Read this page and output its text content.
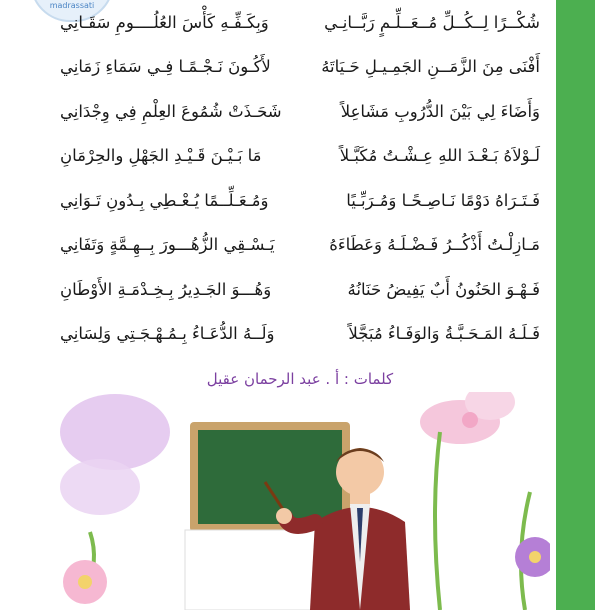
madrassati
شُكْــرًا لِــكُــلِّ مُــعَــلِّـمٍ رَبَّــانِـي
وَبِكَـفِّـهِ كَأْسَ العُلُــــومِ سَقَـانِي
أَفْنَى مِنَ الزَّمَــنِ الجَمِـيـلِ حَـيَاتَهُ
لأَكُـونَ نَـجْـمًـا فِـي سَمَاءِ زَمَانِي
وَأَضَاءَ لِي بَيْنَ الدُّرُوبِ مَشَاعِلاً
شَحَـذَتْ شُمُوعَ العِلْمِ فِي وِجْدَانِي
لَـوْلاَهُ بَـعْـدَ اللهِ عِـشْـتُ مُكَبَّـلاً
مَا بَـيْـنَ قَـيْـدِ الجَهْلِ والحِرْمَانِ
فَـتَـرَاهُ دَوْمًا نَـاصِـحًـا وَمُـرَبِّـيًا
وَمُـعَـلِّــمًا يُـعْـطِي بِـدُونِ تَـوَانِي
مَـازِلْـتُ أَذْكُــرُ فَـضْـلَـهُ وَعَطَاءَهُ
يَـسْـقِي الزُّهُـــورَ بِــهِـمَّةٍ وَتَفَانِي
فَـهْـوَ الحَنُونُ أَبٌ يَفِيضُ حَنَانُهُ
وَهُـــوَ الجَـدِيرُ بِـخِـدْمَـةِ الأَوْطَانِ
فَـلَـهُ المَـحَـبَّـةُ وَالوَفَـاءُ مُبَجَّلاً
وَلَــهُ الدُّعَـاءُ بِـمُـهْـجَـتِي وَلِسَانِي
كلمات : أ . عبد الرحمان عقيل
